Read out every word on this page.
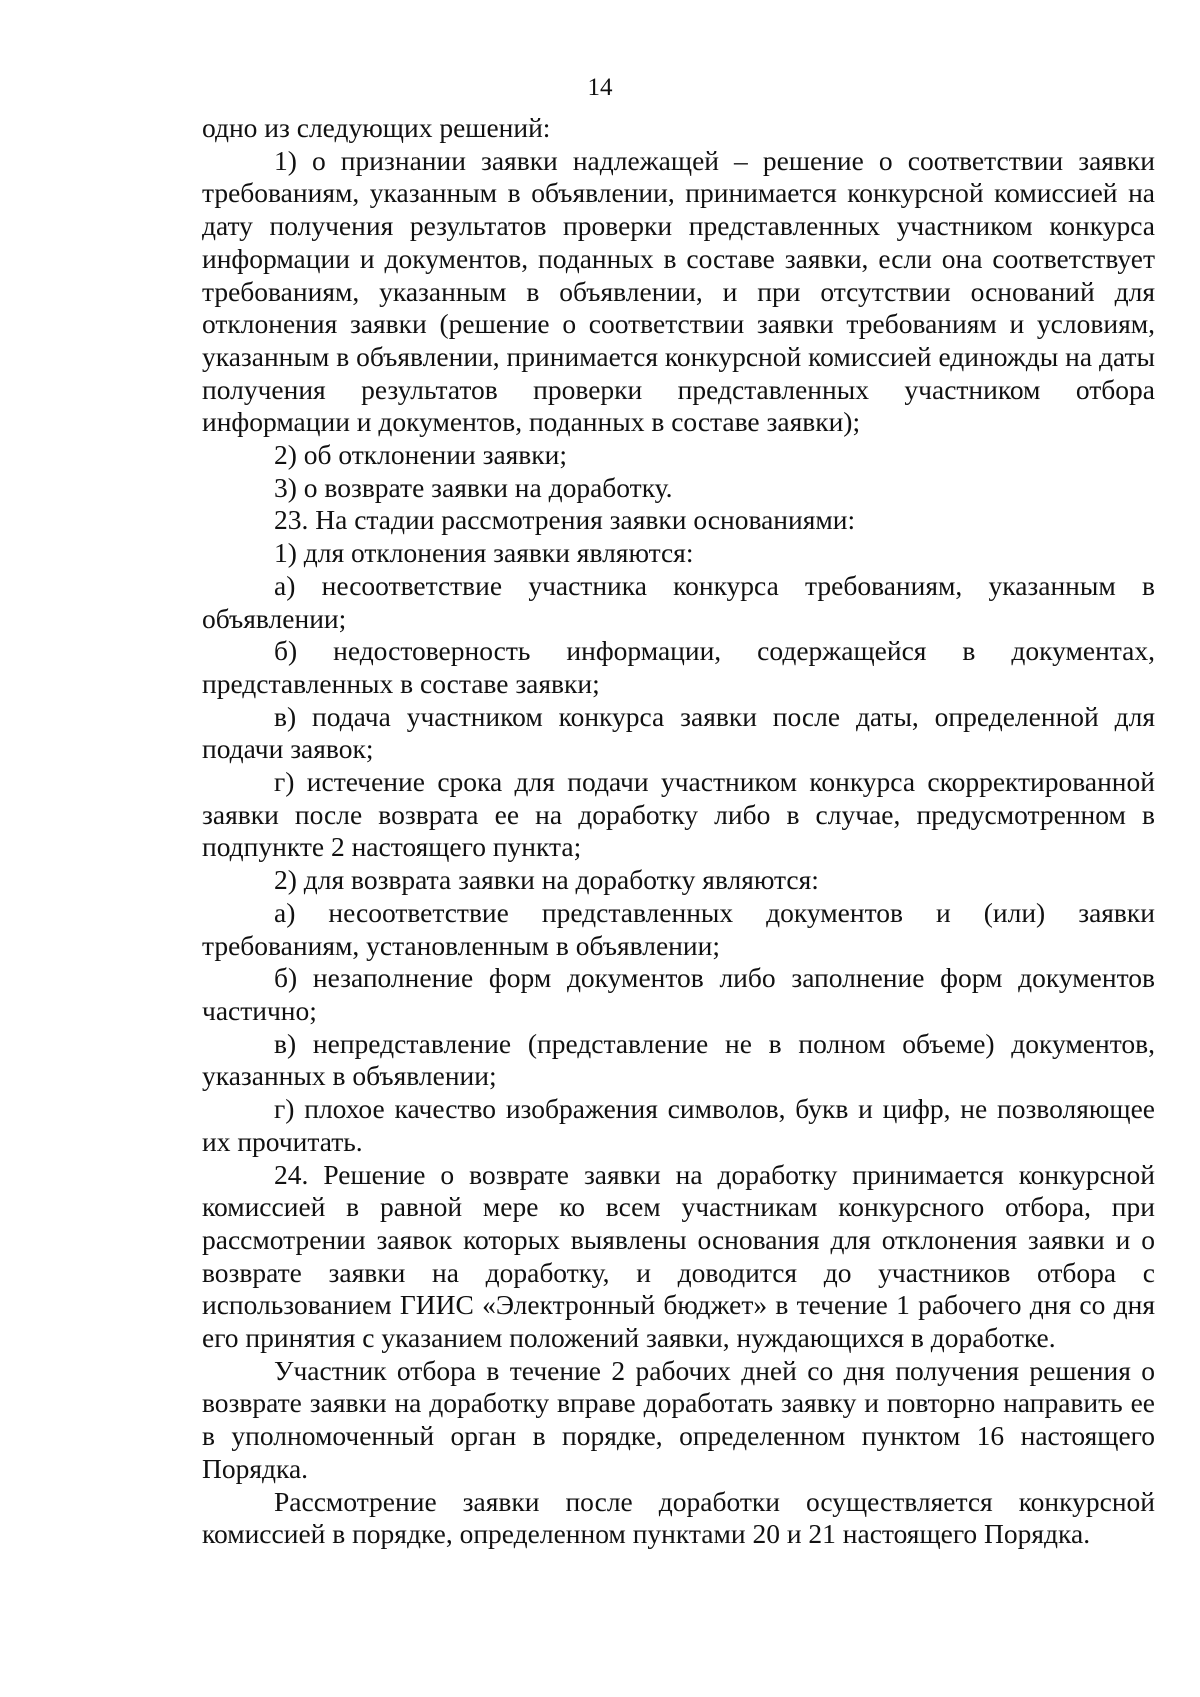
14

одно из следующих решений:

1) о признании заявки надлежащей – решение о соответствии заявки требованиям, указанным в объявлении, принимается конкурсной комиссией на дату получения результатов проверки представленных участником конкурса информации и документов, поданных в составе заявки, если она соответствует требованиям, указанным в объявлении, и при отсутствии оснований для отклонения заявки (решение о соответствии заявки требованиям и условиям, указанным в объявлении, принимается конкурсной комиссией единожды на даты получения результатов проверки представленных участником отбора информации и документов, поданных в составе заявки);

2) об отклонении заявки;

3) о возврате заявки на доработку.

23. На стадии рассмотрения заявки основаниями:

1) для отклонения заявки являются:

а) несоответствие участника конкурса требованиям, указанным в объявлении;

б) недостоверность информации, содержащейся в документах, представленных в составе заявки;

в) подача участником конкурса заявки после даты, определенной для подачи заявок;

г) истечение срока для подачи участником конкурса скорректированной заявки после возврата ее на доработку либо в случае, предусмотренном в подпункте 2 настоящего пункта;

2) для возврата заявки на доработку являются:

а) несоответствие представленных документов и (или) заявки требованиям, установленным в объявлении;

б) незаполнение форм документов либо заполнение форм документов частично;

в) непредставление (представление не в полном объеме) документов, указанных в объявлении;

г) плохое качество изображения символов, букв и цифр, не позволяющее их прочитать.

24. Решение о возврате заявки на доработку принимается конкурсной комиссией в равной мере ко всем участникам конкурсного отбора, при рассмотрении заявок которых выявлены основания для отклонения заявки и о возврате заявки на доработку, и доводится до участников отбора с использованием ГИИС «Электронный бюджет» в течение 1 рабочего дня со дня его принятия с указанием положений заявки, нуждающихся в доработке.

Участник отбора в течение 2 рабочих дней со дня получения решения о возврате заявки на доработку вправе доработать заявку и повторно направить ее в уполномоченный орган в порядке, определенном пунктом 16 настоящего Порядка.

Рассмотрение заявки после доработки осуществляется конкурсной комиссией в порядке, определенном пунктами 20 и 21 настоящего Порядка.
